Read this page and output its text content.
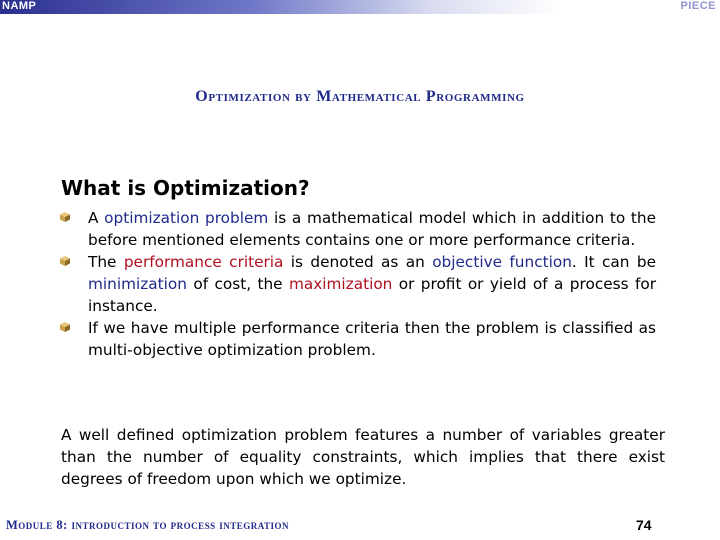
NAMP	PIECE
Optimization by Mathematical Programming
What is Optimization?
A optimization problem is a mathematical model which in addition to the before mentioned elements contains one or more performance criteria.
The performance criteria is denoted as an objective function. It can be minimization of cost, the maximization or profit or yield of a process for instance.
If we have multiple performance criteria then the problem is classified as multi-objective optimization problem.

A well defined optimization problem features a number of variables greater than the number of equality constraints, which implies that there exist degrees of freedom upon which we optimize.

Module 8: introduction to process integration	74
